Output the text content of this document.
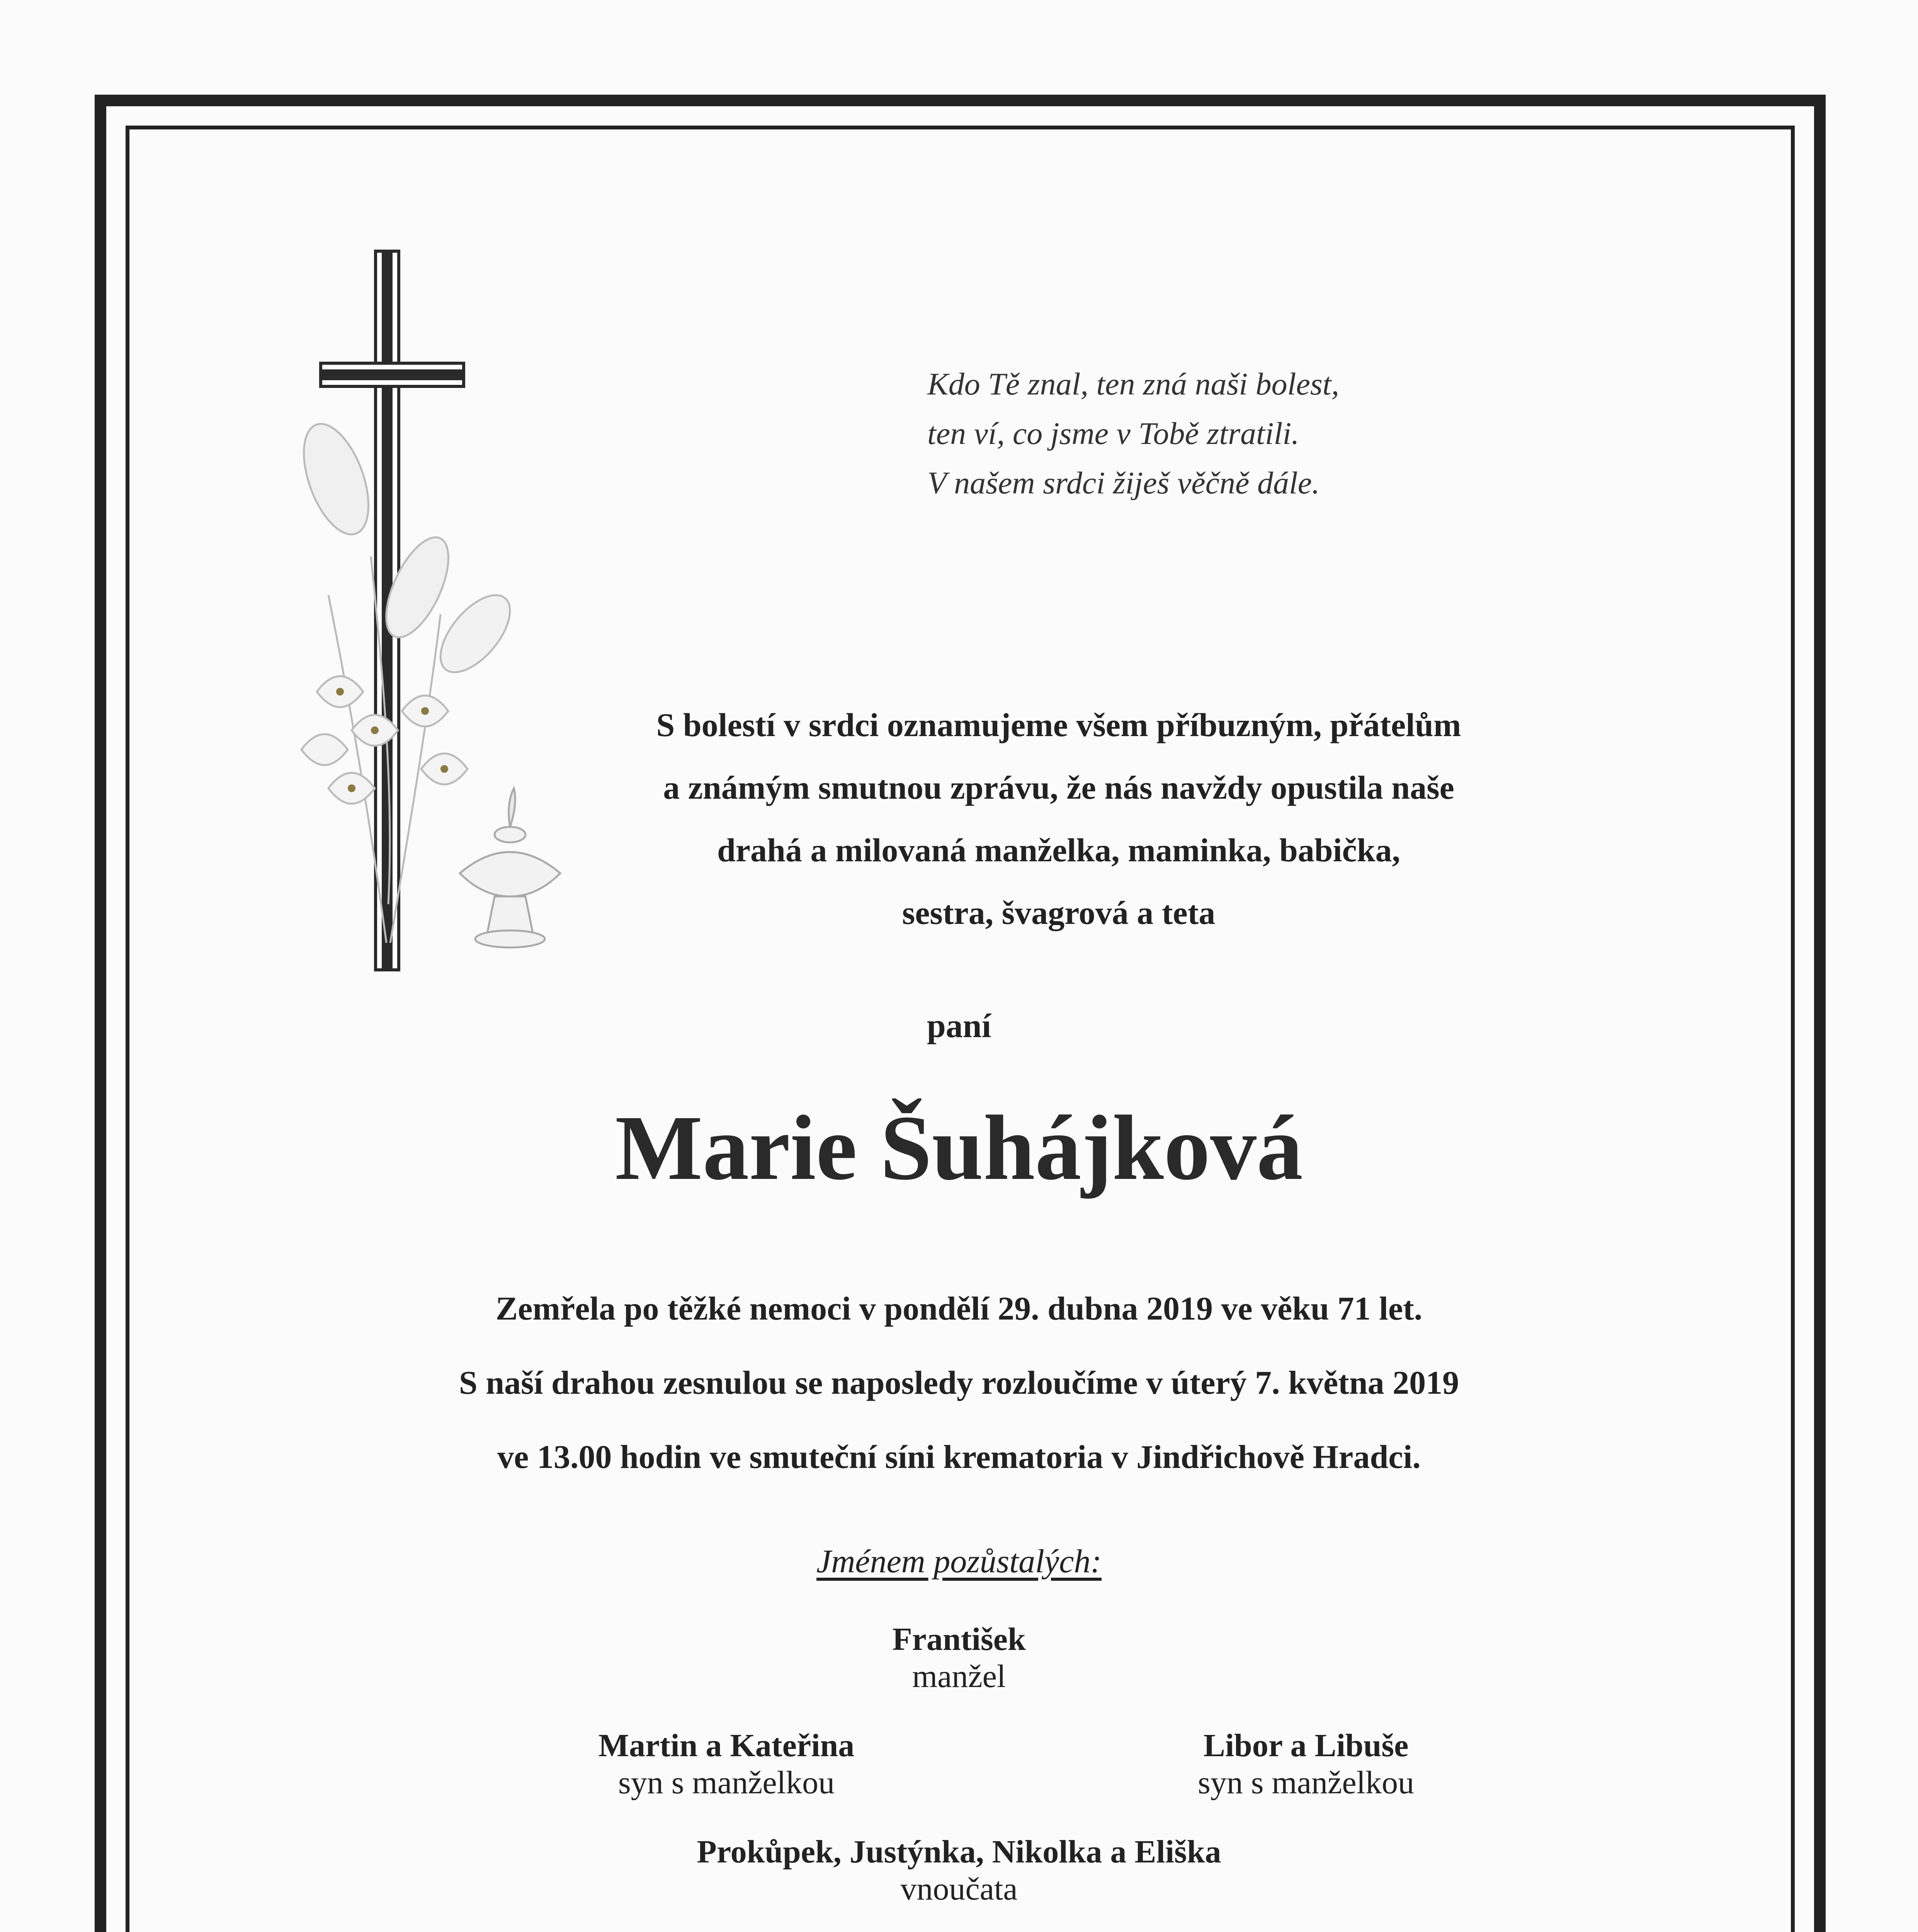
Kdo Tě znal, ten zná naši bolest,
ten ví, co jsme v Tobě ztratili.
V našem srdci žiješ věčně dále.
S bolestí v srdci oznamujeme všem příbuzným, přátelům
a známým smutnou zprávu, že nás navždy opustila naše
drahá a milovaná manželka, maminka, babička,
sestra, švagrová a teta
paní
Marie Šuhájková
Zemřela po těžké nemoci v pondělí 29. dubna 2019 ve věku 71 let.
S naší drahou zesnulou se naposledy rozloučíme v úterý 7. května 2019
ve 13.00 hodin ve smuteční síni krematoria v Jindřichově Hradci.
Jménem pozůstalých:
František
manžel
Martin a Kateřina
syn s manželkou
Libor a Libuše
syn s manželkou
Prokůpek, Justýnka, Nikolka a Eliška
vnoučata
